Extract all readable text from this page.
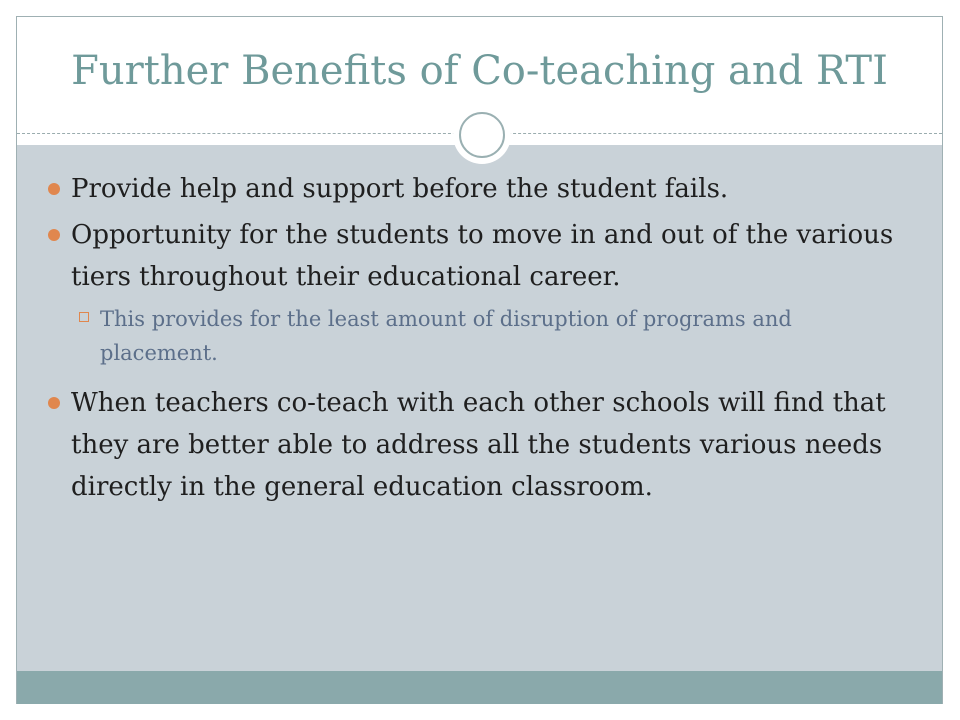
Further Benefits of Co-teaching and RTI
Provide help and support before the student fails.
Opportunity for the students to move in and out of the various tiers throughout their educational career.
This provides for the least amount of disruption of programs and placement.
When teachers co-teach with each other schools will find that they are better able to address all the students various needs directly in the general education classroom.
